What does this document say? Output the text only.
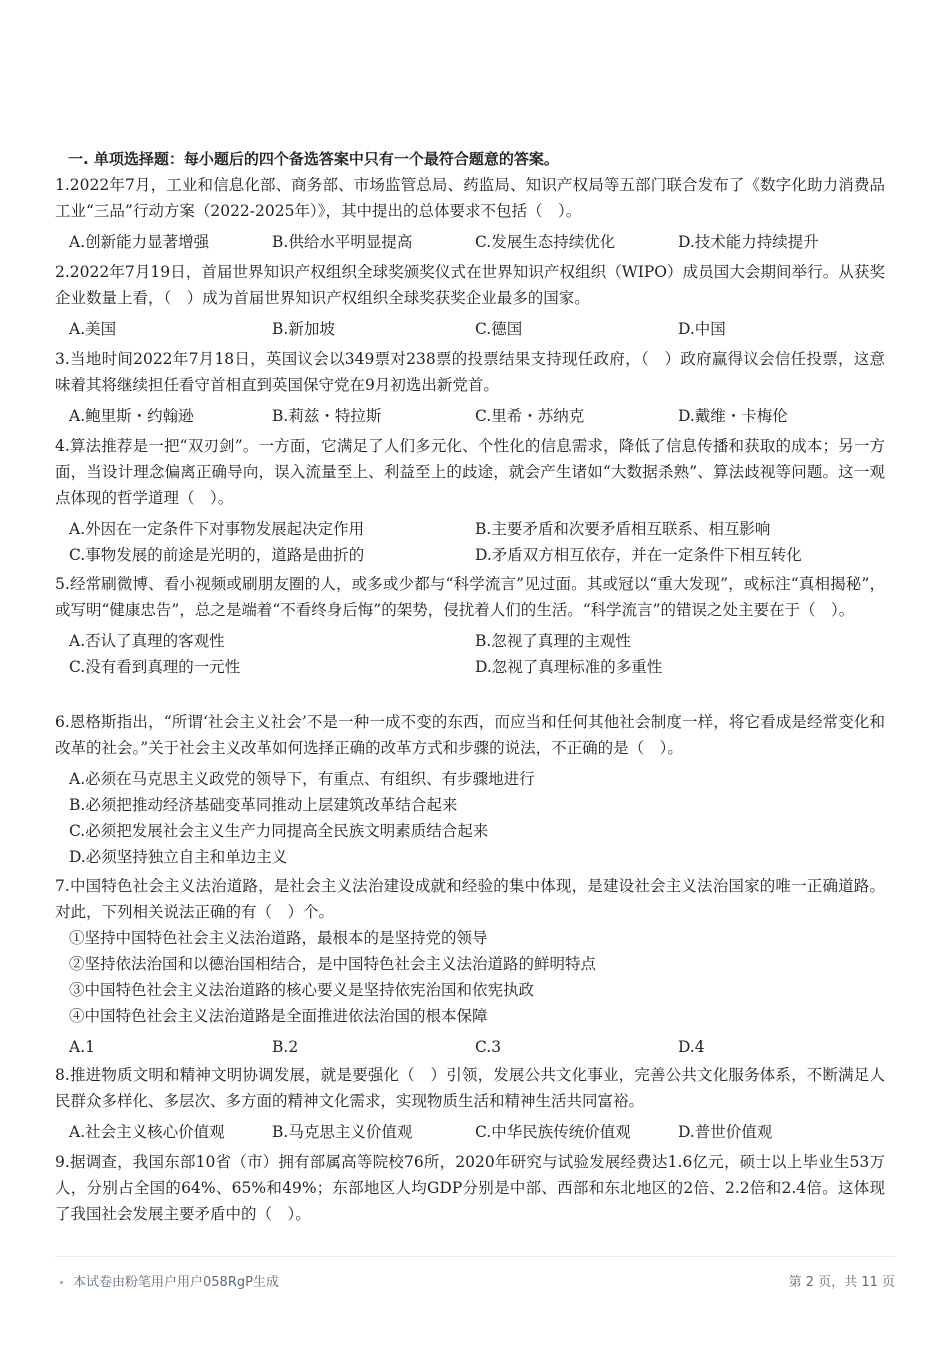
一. 单项选择题：每小题后的四个备选答案中只有一个最符合题意的答案。

1.2022年7月，工业和信息化部、商务部、市场监管总局、药监局、知识产权局等五部门联合发布了《数字化助力消费品工业“三品”行动方案（2022-2025年）》，其中提出的总体要求不包括（　）。

A.创新能力显著增强	B.供给水平明显提高	C.发展生态持续优化	D.技术能力持续提升

2.2022年7月19日，首届世界知识产权组织全球奖颁奖仪式在世界知识产权组织（WIPO）成员国大会期间举行。从获奖企业数量上看，（　）成为首届世界知识产权组织全球奖获奖企业最多的国家。

A.美国	B.新加坡	C.德国	D.中国

3.当地时间2022年7月18日，英国议会以349票对238票的投票结果支持现任政府，（　）政府赢得议会信任投票，这意味着其将继续担任看守首相直到英国保守党在9月初选出新党首。

A.鲍里斯・约翰逊	B.莉兹・特拉斯	C.里希・苏纳克	D.戴维・卡梅伦

4.算法推荐是一把“双刃剑”。一方面，它满足了人们多元化、个性化的信息需求，降低了信息传播和获取的成本；另一方面，当设计理念偏离正确导向，误入流量至上、利益至上的歧途，就会产生诸如“大数据杀熟”、算法歧视等问题。这一观点体现的哲学道理（　）。

A.外因在一定条件下对事物发展起决定作用	B.主要矛盾和次要矛盾相互联系、相互影响
C.事物发展的前途是光明的，道路是曲折的	D.矛盾双方相互依存，并在一定条件下相互转化

5.经常刷微博、看小视频或刷朋友圈的人，或多或少都与“科学流言”见过面。其或冠以“重大发现”，或标注“真相揭秘”，或写明“健康忠告”，总之是端着“不看终身后悔”的架势，侵扰着人们的生活。“科学流言”的错误之处主要在于（　）。

A.否认了真理的客观性	B.忽视了真理的主观性
C.没有看到真理的一元性	D.忽视了真理标准的多重性

6.恩格斯指出，“所谓‘社会主义社会’不是一种一成不变的东西，而应当和任何其他社会制度一样，将它看成是经常变化和改革的社会。”关于社会主义改革如何选择正确的改革方式和步骤的说法，不正确的是（　）。

A.必须在马克思主义政党的领导下，有重点、有组织、有步骤地进行
B.必须把推动经济基础变革同推动上层建筑改革结合起来
C.必须把发展社会主义生产力同提高全民族文明素质结合起来
D.必须坚持独立自主和单边主义

7.中国特色社会主义法治道路，是社会主义法治建设成就和经验的集中体现，是建设社会主义法治国家的唯一正确道路。对此，下列相关说法正确的有（　）个。

①坚持中国特色社会主义法治道路，最根本的是坚持党的领导
②坚持依法治国和以德治国相结合，是中国特色社会主义法治道路的鲜明特点
③中国特色社会主义法治道路的核心要义是坚持依宪治国和依宪执政
④中国特色社会主义法治道路是全面推进依法治国的根本保障
A.1	B.2	C.3	D.4

8.推进物质文明和精神文明协调发展，就是要强化（　）引领，发展公共文化事业，完善公共文化服务体系，不断满足人民群众多样化、多层次、多方面的精神文化需求，实现物质生活和精神生活共同富裕。

A.社会主义核心价值观	B.马克思主义价值观	C.中华民族传统价值观	D.普世价值观

9.据调查，我国东部10省（市）拥有部属高等院校76所，2020年研究与试验发展经费达1.6亿元，硕士以上毕业生53万人，分别占全国的64%、65%和49%；东部地区人均GDP分别是中部、西部和东北地区的2倍、2.2倍和2.4倍。这体现了我国社会发展主要矛盾中的（　）。

本试卷由粉笔用户用户058RgP生成	第 2 页，共 11 页
